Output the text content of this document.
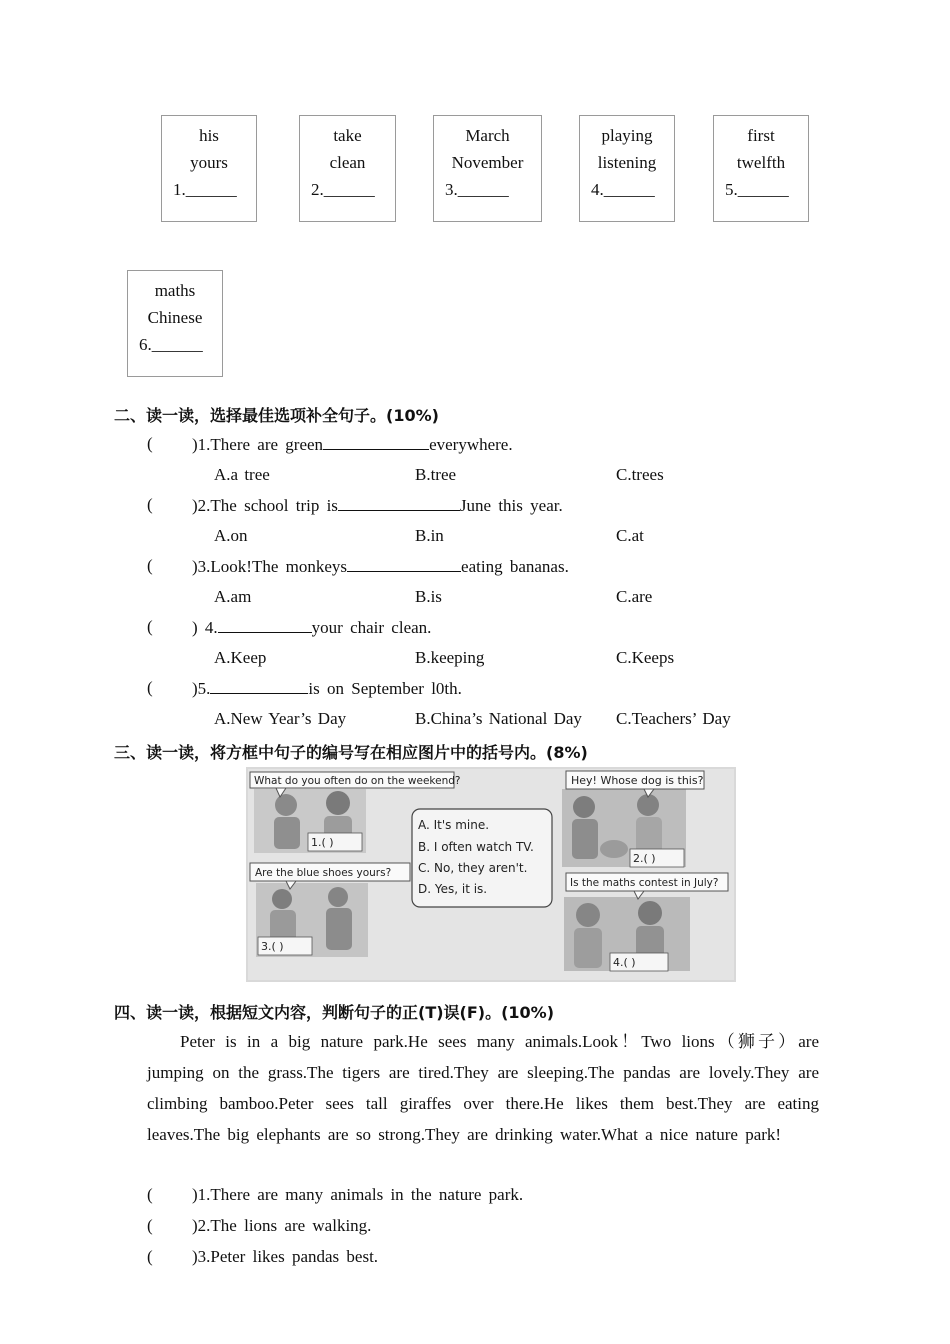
his
yours
1.______
take
clean
2.______
March
November
3.______
playing
listening
4.______
first
twelfth
5.______
maths
Chinese
6.______
二、读一读，选择最佳选项补全句子。(10%)
( )1.There are green	everywhere.
A.a tree	B.tree	C.trees
( )2.The school trip is	June this year.
A.on	B.in	C.at
( )3.Look!The monkeys	eating bananas.
A.am	B.is	C.are
( ) 4.	your chair clean.
A.Keep	B.keeping	C.Keeps
( )5.	is on September l0th.
A.New Year’s Day	B.China’s National Day C.Teachers’ Day
三、读一读，将方框中句子的编号写在相应图片中的括号内。(8%)
What do you often do on the weekend?
1.( )
A. It's mine.
B. I often watch TV.
C. No, they aren't.
D. Yes, it is.
Hey! Whose dog is this?
2.( )
Are the blue shoes yours?
3.( )
Is the maths contest in July?
4.( )
四、读一读，根据短文内容，判断句子的正(T)误(F)。(10%)
Peter is in a big nature park.He sees many animals.Look！Two lions（狮子）are jumping on the grass.The tigers are tired.They are sleeping.The pandas are lovely.They are climbing bamboo.Peter sees tall giraffes over there.He likes them best.They are eating leaves.The big elephants are so strong.They are drinking water.What a nice nature park!
( )1.There are many animals in the nature park.
( )2.The lions are walking.
( )3.Peter likes pandas best.
